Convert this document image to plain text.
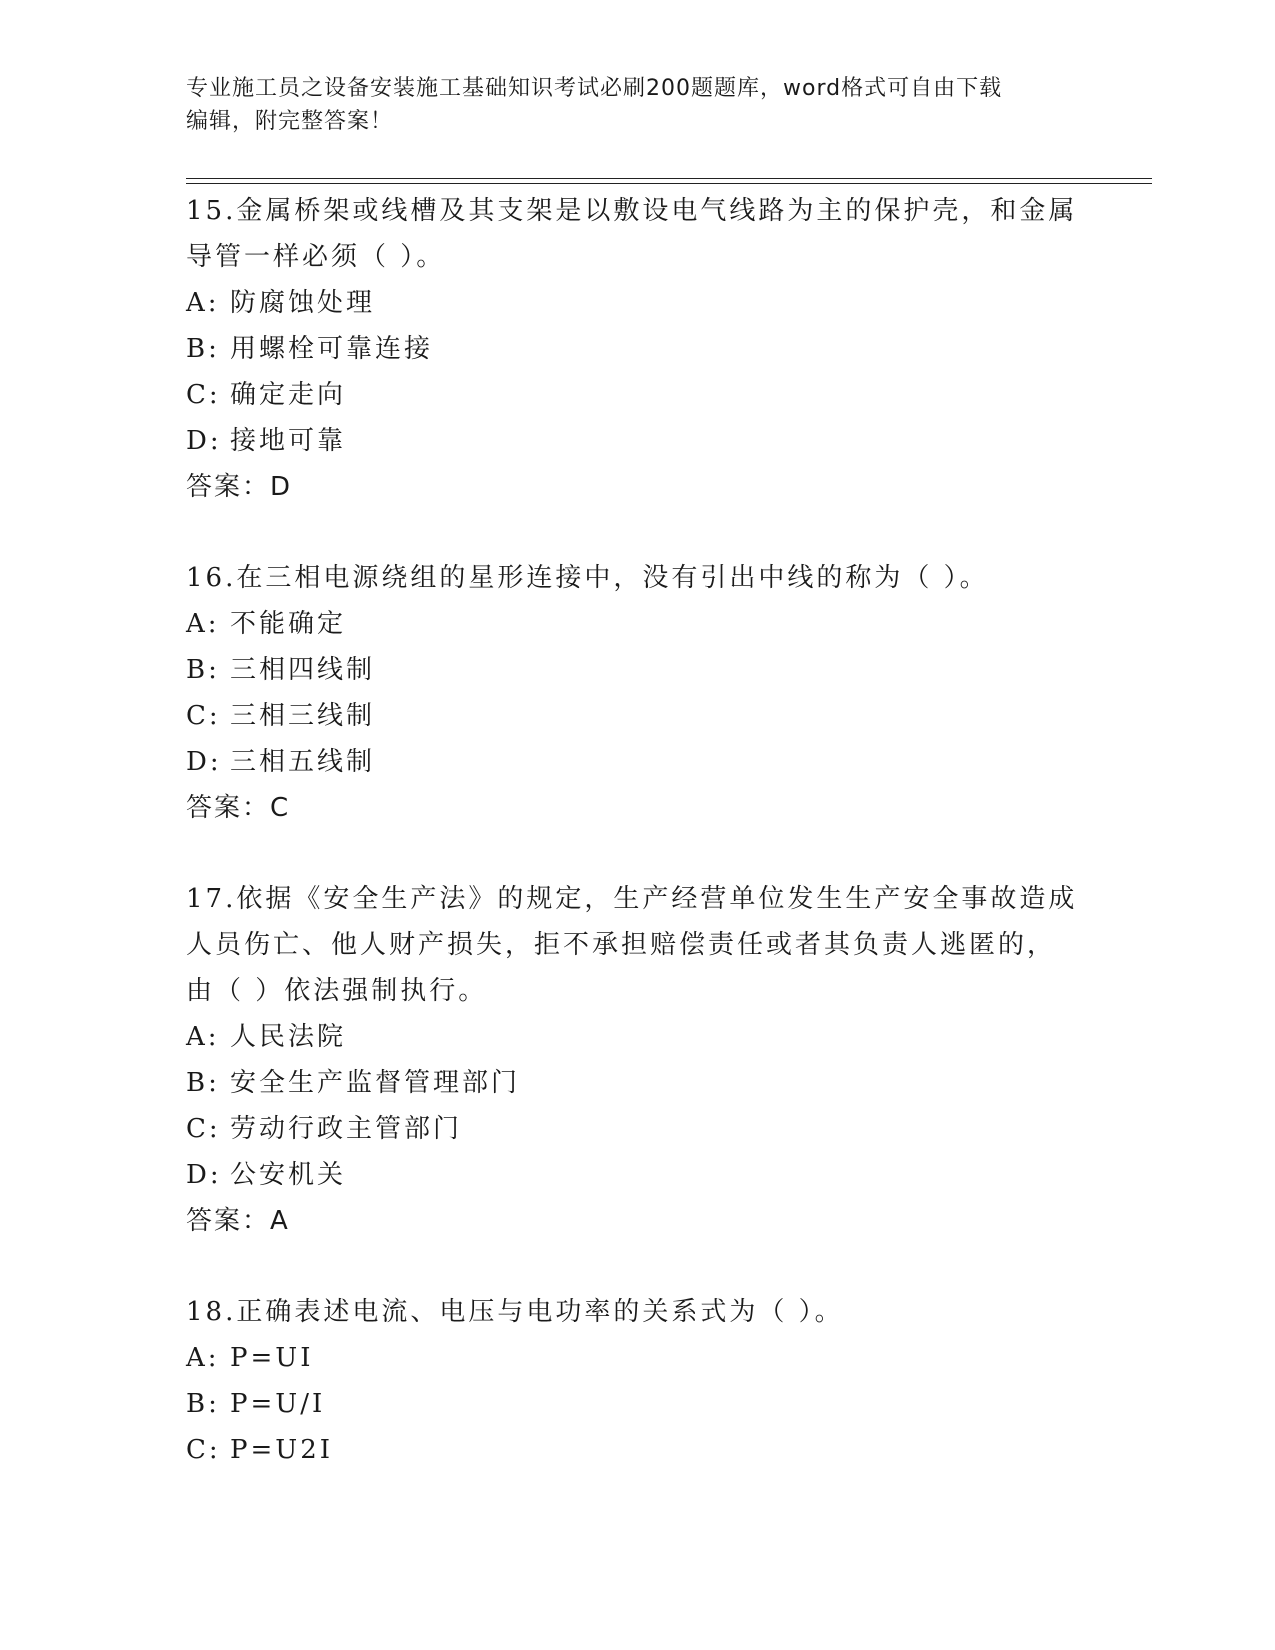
专业施工员之设备安装施工基础知识考试必刷200题题库，word格式可自由下载
编辑，附完整答案！
15.金属桥架或线槽及其支架是以敷设电气线路为主的保护壳，和金属
导管一样必须（ ）。
A: 防腐蚀处理
B: 用螺栓可靠连接
C: 确定走向
D: 接地可靠
答案：D
16.在三相电源绕组的星形连接中，没有引出中线的称为（ ）。
A: 不能确定
B: 三相四线制
C: 三相三线制
D: 三相五线制
答案：C
17.依据《安全生产法》的规定，生产经营单位发生生产安全事故造成
人员伤亡、他人财产损失，拒不承担赔偿责任或者其负责人逃匿的，
由（ ）依法强制执行。
A: 人民法院
B: 安全生产监督管理部门
C: 劳动行政主管部门
D: 公安机关
答案：A
18.正确表述电流、电压与电功率的关系式为（ ）。
A: P=UI
B: P=U/I
C: P=U2I
